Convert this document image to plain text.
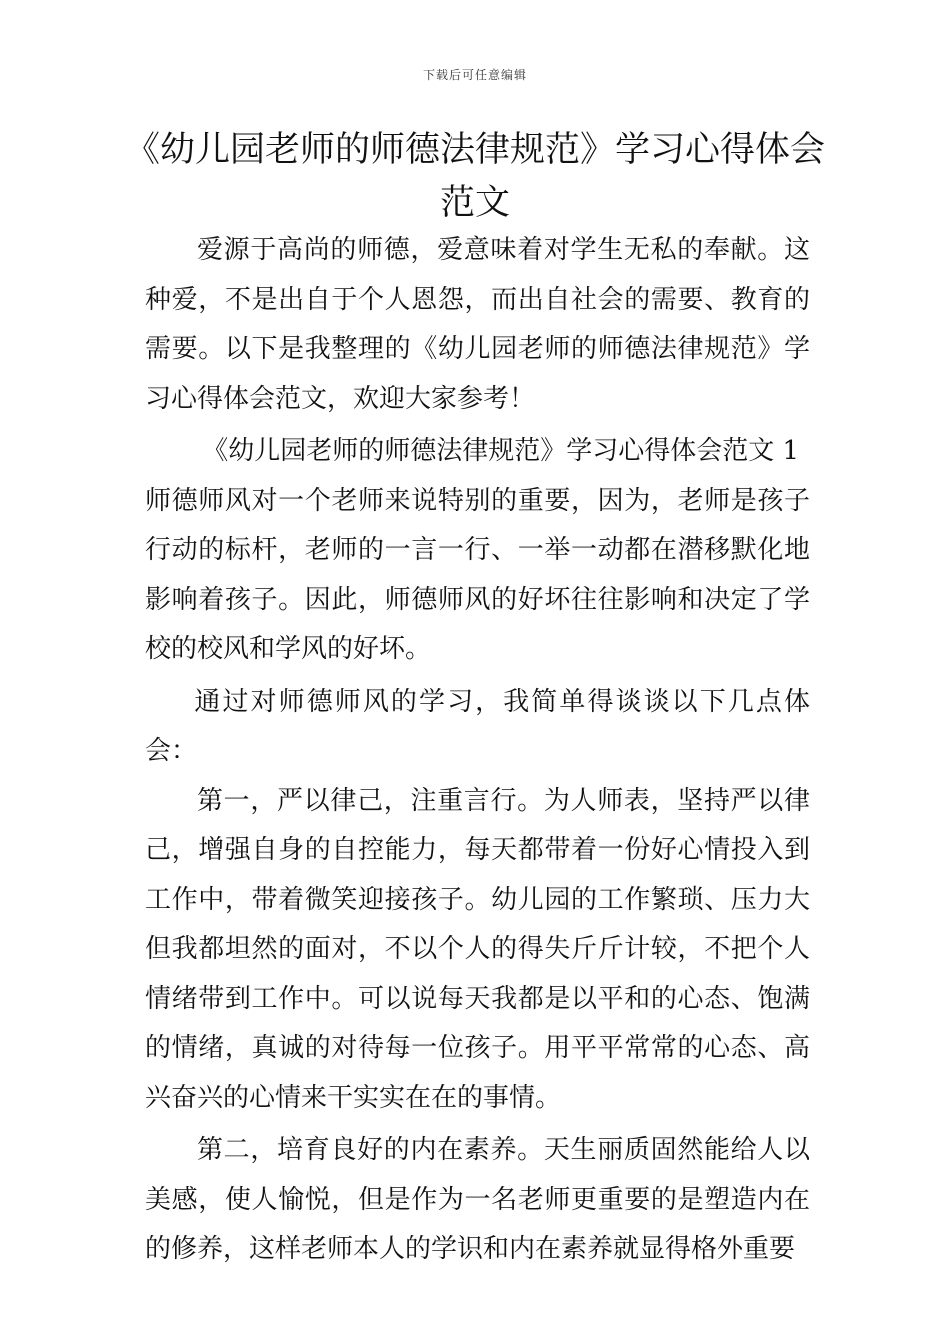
下载后可任意编辑
《幼儿园老师的师德法律规范》学习心得体会范文

爱源于高尚的师德，爱意味着对学生无私的奉献。这种爱，不是出自于个人恩怨，而出自社会的需要、教育的需要。以下是我整理的《幼儿园老师的师德法律规范》学习心得体会范文，欢迎大家参考！

《幼儿园老师的师德法律规范》学习心得体会范文 1

师德师风对一个老师来说特别的重要，因为，老师是孩子行动的标杆，老师的一言一行、一举一动都在潜移默化地影响着孩子。因此，师德师风的好坏往往影响和决定了学校的校风和学风的好坏。

通过对师德师风的学习，我简单得谈谈以下几点体会：

第一，严以律己，注重言行。为人师表，坚持严以律己，增强自身的自控能力，每天都带着一份好心情投入到工作中，带着微笑迎接孩子。幼儿园的工作繁琐、压力大但我都坦然的面对，不以个人的得失斤斤计较，不把个人情绪带到工作中。可以说每天我都是以平和的心态、饱满的情绪，真诚的对待每一位孩子。用平平常常的心态、高兴奋兴的心情来干实实在在的事情。

第二，培育良好的内在素养。天生丽质固然能给人以美感，使人愉悦，但是作为一名老师更重要的是塑造内在的修养，这样老师本人的学识和内在素养就显得格外重要
